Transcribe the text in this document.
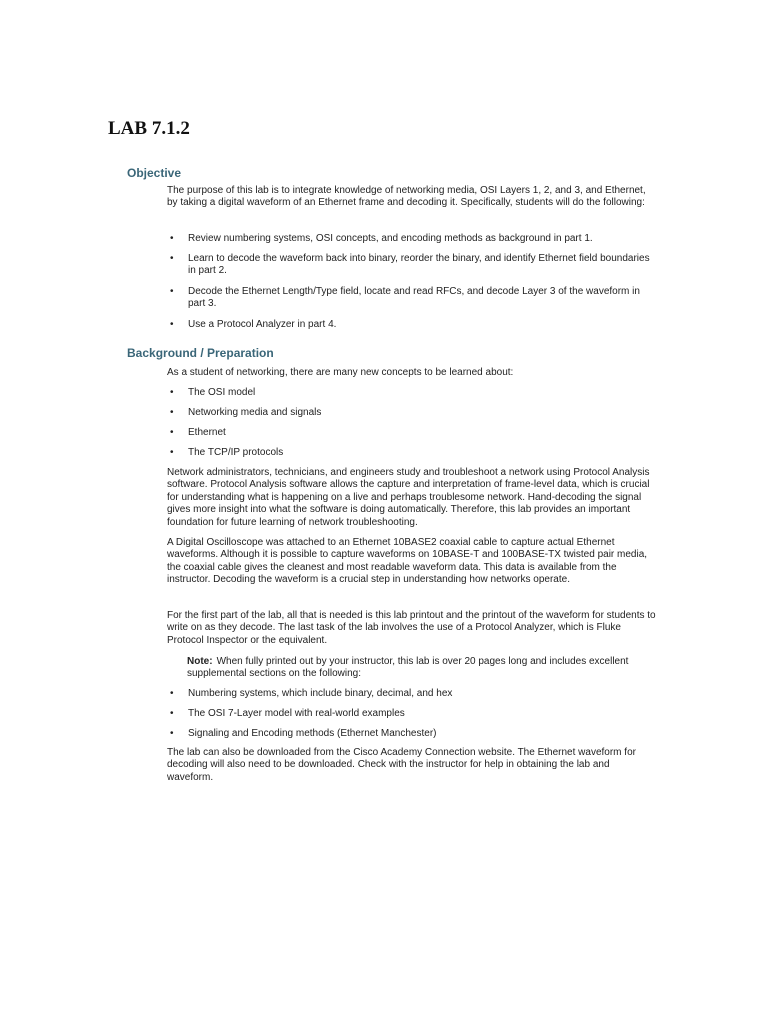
LAB 7.1.2
Objective

The purpose of this lab is to integrate knowledge of networking media, OSI Layers 1, 2, and 3, and Ethernet, by taking a digital waveform of an Ethernet frame and decoding it. Specifically, students will do the following:

•	Review numbering systems, OSI concepts, and encoding methods as background in part 1.
•	Learn to decode the waveform back into binary, reorder the binary, and identify Ethernet field boundaries in part 2.
•	Decode the Ethernet Length/Type field, locate and read RFCs, and decode Layer 3 of the waveform in part 3.
•	Use a Protocol Analyzer in part 4.
Background / Preparation

As a student of networking, there are many new concepts to be learned about:

•	The OSI model
•	Networking media and signals
•	Ethernet
•	The TCP/IP protocols

Network administrators, technicians, and engineers study and troubleshoot a network using Protocol Analysis software. Protocol Analysis software allows the capture and interpretation of frame-level data, which is crucial for understanding what is happening on a live and perhaps troublesome network. Hand-decoding the signal gives more insight into what the software is doing automatically. Therefore, this lab provides an important foundation for future learning of network troubleshooting.

A Digital Oscilloscope was attached to an Ethernet 10BASE2 coaxial cable to capture actual Ethernet waveforms. Although it is possible to capture waveforms on 10BASE-T and 100BASE-TX twisted pair media, the coaxial cable gives the cleanest and most readable waveform data. This data is available from the instructor. Decoding the waveform is a crucial step in understanding how networks operate.

For the first part of the lab, all that is needed is this lab printout and the printout of the waveform for students to write on as they decode. The last task of the lab involves the use of a Protocol Analyzer, which is Fluke Protocol Inspector or the equivalent.

Note: When fully printed out by your instructor, this lab is over 20 pages long and includes excellent supplemental sections on the following:
•	Numbering systems, which include binary, decimal, and hex
•	The OSI 7-Layer model with real-world examples
•	Signaling and Encoding methods (Ethernet Manchester)

The lab can also be downloaded from the Cisco Academy Connection website. The Ethernet waveform for decoding will also need to be downloaded. Check with the instructor for help in obtaining the lab and waveform.
